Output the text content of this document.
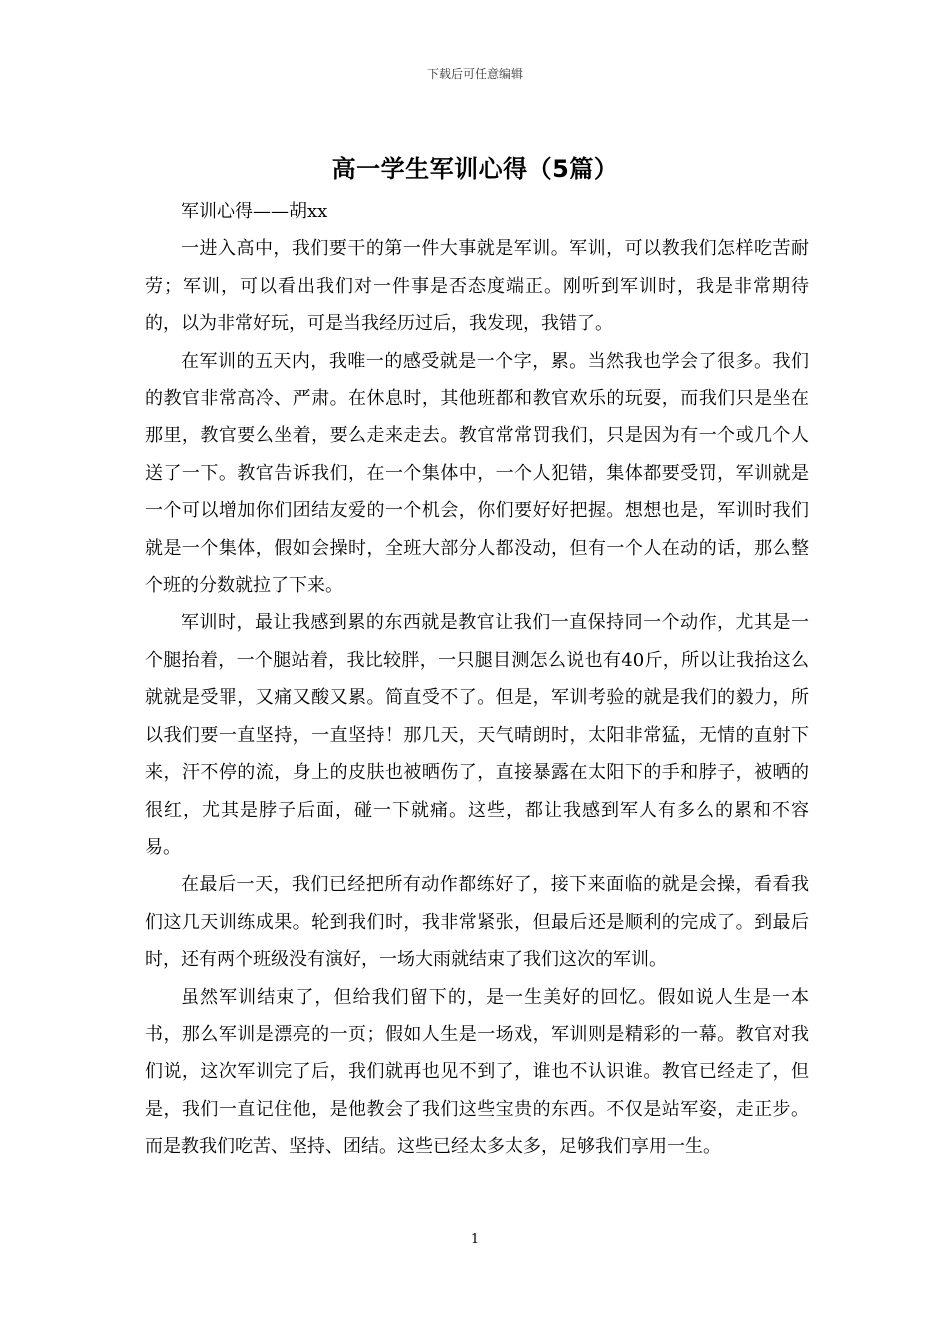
下载后可任意编辑
高一学生军训心得（5篇）

军训心得——胡xx

一进入高中，我们要干的第一件大事就是军训。军训，可以教我们怎样吃苦耐劳；军训，可以看出我们对一件事是否态度端正。刚听到军训时，我是非常期待的，以为非常好玩，可是当我经历过后，我发现，我错了。

在军训的五天内，我唯一的感受就是一个字，累。当然我也学会了很多。我们的教官非常高冷、严肃。在休息时，其他班都和教官欢乐的玩耍，而我们只是坐在那里，教官要么坐着，要么走来走去。教官常常罚我们，只是因为有一个或几个人送了一下。教官告诉我们，在一个集体中，一个人犯错，集体都要受罚，军训就是一个可以增加你们团结友爱的一个机会，你们要好好把握。想想也是，军训时我们就是一个集体，假如会操时，全班大部分人都没动，但有一个人在动的话，那么整个班的分数就拉了下来。

军训时，最让我感到累的东西就是教官让我们一直保持同一个动作，尤其是一个腿抬着，一个腿站着，我比较胖，一只腿目测怎么说也有40斤，所以让我抬这么就就是受罪，又痛又酸又累。简直受不了。但是，军训考验的就是我们的毅力，所以我们要一直坚持，一直坚持！那几天，天气晴朗时，太阳非常猛，无情的直射下来，汗不停的流，身上的皮肤也被晒伤了，直接暴露在太阳下的手和脖子，被晒的很红，尤其是脖子后面，碰一下就痛。这些，都让我感到军人有多么的累和不容易。

在最后一天，我们已经把所有动作都练好了，接下来面临的就是会操，看看我们这几天训练成果。轮到我们时，我非常紧张，但最后还是顺利的完成了。到最后时，还有两个班级没有演好，一场大雨就结束了我们这次的军训。

虽然军训结束了，但给我们留下的，是一生美好的回忆。假如说人生是一本书，那么军训是漂亮的一页；假如人生是一场戏，军训则是精彩的一幕。教官对我们说，这次军训完了后，我们就再也见不到了，谁也不认识谁。教官已经走了，但是，我们一直记住他，是他教会了我们这些宝贵的东西。不仅是站军姿，走正步。而是教我们吃苦、坚持、团结。这些已经太多太多，足够我们享用一生。

1
